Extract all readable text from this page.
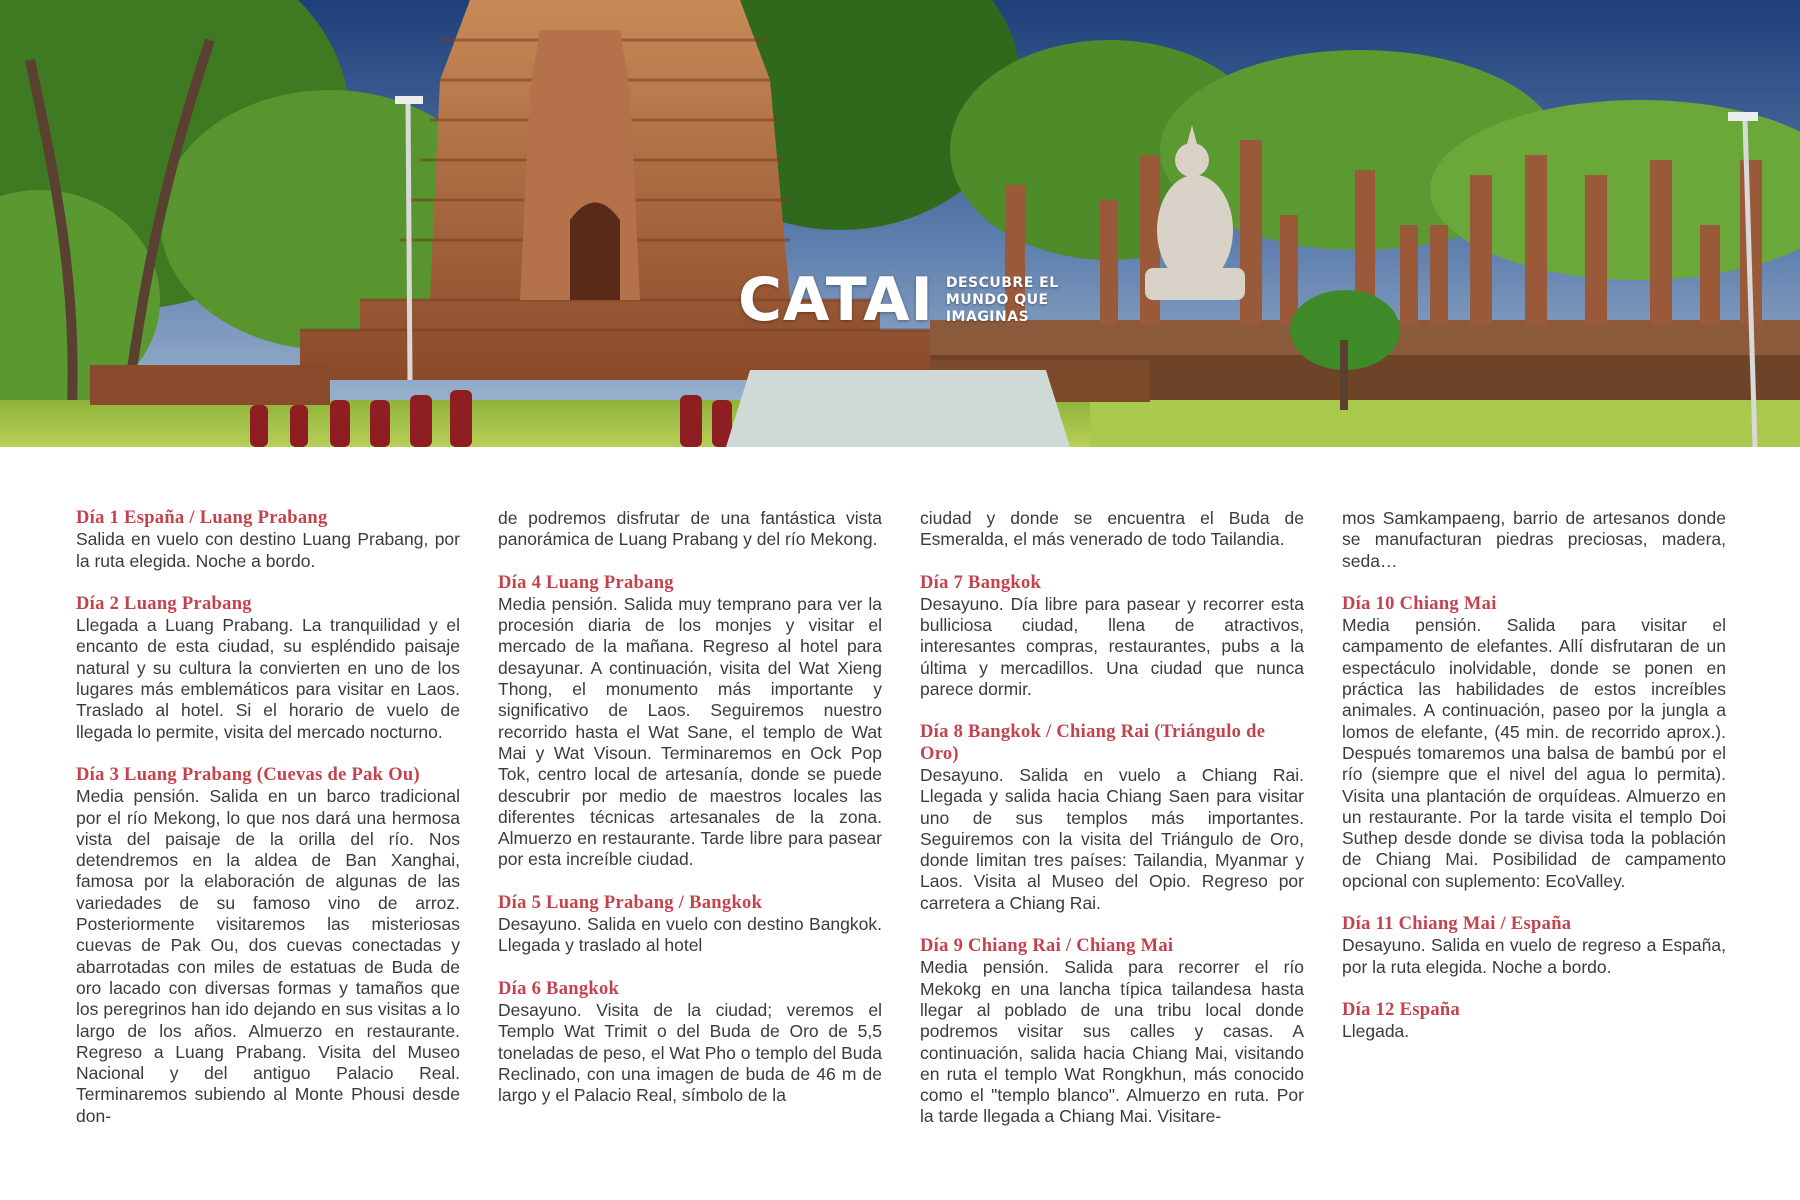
CATAI DESCUBRE EL
MUNDO QUE
IMAGINAS
Día 1 España / Luang Prabang

Salida en vuelo con destino Luang Prabang, por la ruta elegida. Noche a bordo.

Día 2 Luang Prabang

Llegada a Luang Prabang. La tranquilidad y el encanto de esta ciudad, su espléndido paisaje natural y su cultura la convierten en uno de los lugares más emblemáticos para visitar en Laos. Traslado al hotel. Si el horario de vuelo de llegada lo permite, visita del mercado nocturno.

Día 3 Luang Prabang (Cuevas de Pak Ou)

Media pensión. Salida en un barco tradicional por el río Mekong, lo que nos dará una hermosa vista del paisaje de la orilla del río. Nos detendremos en la aldea de Ban Xanghai, famosa por la elaboración de algunas de las variedades de su famoso vino de arroz. Posteriormente visitaremos las misteriosas cuevas de Pak Ou, dos cuevas conectadas y abarrotadas con miles de estatuas de Buda de oro lacado con diversas formas y tamaños que los peregrinos han ido dejando en sus visitas a lo largo de los años. Almuerzo en restaurante. Regreso a Luang Prabang. Visita del Museo Nacional y del antiguo Palacio Real. Terminaremos subiendo al Monte Phousi desde don-

de podremos disfrutar de una fantástica vista panorámica de Luang Prabang y del río Mekong.

Día 4 Luang Prabang

Media pensión. Salida muy temprano para ver la procesión diaria de los monjes y visitar el mercado de la mañana. Regreso al hotel para desayunar. A continuación, visita del Wat Xieng Thong, el monumento más importante y significativo de Laos. Seguiremos nuestro recorrido hasta el Wat Sane, el templo de Wat Mai y Wat Visoun. Terminaremos en Ock Pop Tok, centro local de artesanía, donde se puede descubrir por medio de maestros locales las diferentes técnicas artesanales de la zona. Almuerzo en restaurante. Tarde libre para pasear por esta increíble ciudad.

Día 5 Luang Prabang / Bangkok

Desayuno. Salida en vuelo con destino Bangkok. Llegada y traslado al hotel

Día 6 Bangkok

Desayuno. Visita de la ciudad; veremos el Templo Wat Trimit o del Buda de Oro de 5,5 toneladas de peso, el Wat Pho o templo del Buda Reclinado, con una imagen de buda de 46 m de largo y el Palacio Real, símbolo de la

ciudad y donde se encuentra el Buda de Esmeralda, el más venerado de todo Tailandia.

Día 7 Bangkok

Desayuno. Día libre para pasear y recorrer esta bulliciosa ciudad, llena de atractivos, interesantes compras, restaurantes, pubs a la última y mercadillos. Una ciudad que nunca parece dormir.

Día 8 Bangkok / Chiang Rai (Triángulo de Oro)

Desayuno. Salida en vuelo a Chiang Rai. Llegada y salida hacia Chiang Saen para visitar uno de sus templos más importantes. Seguiremos con la visita del Triángulo de Oro, donde limitan tres países: Tailandia, Myanmar y Laos. Visita al Museo del Opio. Regreso por carretera a Chiang Rai.

Día 9 Chiang Rai / Chiang Mai

Media pensión. Salida para recorrer el río Mekokg en una lancha típica tailandesa hasta llegar al poblado de una tribu local donde podremos visitar sus calles y casas. A continuación, salida hacia Chiang Mai, visitando en ruta el templo Wat Rongkhun, más conocido como el "templo blanco". Almuerzo en ruta. Por la tarde llegada a Chiang Mai. Visitare-

mos Samkampaeng, barrio de artesanos donde se manufacturan piedras preciosas, madera, seda…

Día 10 Chiang Mai

Media pensión. Salida para visitar el campamento de elefantes. Allí disfrutaran de un espectáculo inolvidable, donde se ponen en práctica las habilidades de estos increíbles animales. A continuación, paseo por la jungla a lomos de elefante, (45 min. de recorrido aprox.). Después tomaremos una balsa de bambú por el río (siempre que el nivel del agua lo permita). Visita una plantación de orquídeas. Almuerzo en un restaurante. Por la tarde visita el templo Doi Suthep desde donde se divisa toda la población de Chiang Mai. Posibilidad de campamento opcional con suplemento: EcoValley.

Día 11 Chiang Mai / España

Desayuno. Salida en vuelo de regreso a España, por la ruta elegida. Noche a bordo.

Día 12 España

Llegada.
